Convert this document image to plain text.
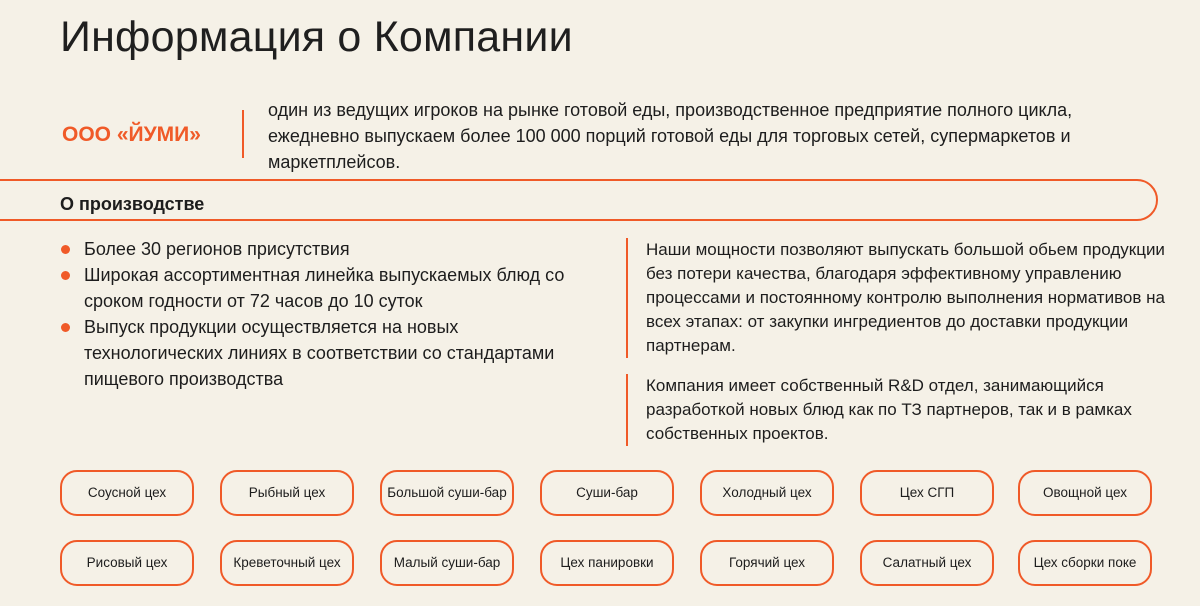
Информация о Компании
ООО «ЙУМИ»
один из ведущих игроков на рынке готовой еды, производственное предприятие полного цикла, ежедневно выпускаем более 100 000 порций готовой еды для торговых сетей, супермаркетов и маркетплейсов.
О производстве
Более 30 регионов присутствия
Широкая ассортиментная линейка выпускаемых блюд со сроком годности от 72 часов до 10 суток
Выпуск продукции осуществляется на новых технологических линиях в соответствии со стандартами пищевого производства
Наши мощности позволяют выпускать большой обьем продукции без потери качества, благодаря эффективному управлению процессами и постоянному контролю выполнения нормативов на всех этапах: от закупки ингредиентов до доставки продукции партнерам.
Компания имеет собственный R&D отдел, занимающийся разработкой новых блюд как по ТЗ партнеров, так и в рамках собственных проектов.
Соусной цех	Рыбный цех	Большой суши-бар	Суши-бар	Холодный цех	Цех СГП	Овощной цех
Рисовый цех	Креветочный цех	Малый суши-бар	Цех панировки	Горячий цех	Салатный цех	Цех сборки поке
